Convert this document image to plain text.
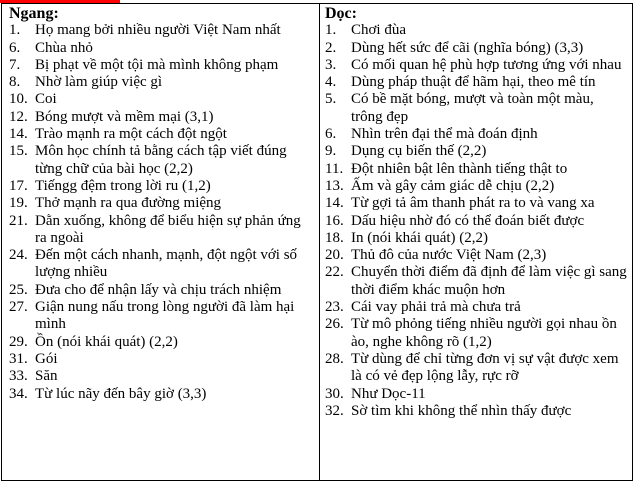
Ngang:
1. Họ mang bởi nhiều người Việt Nam nhất
6. Chùa nhỏ
7. Bị phạt về một tội mà mình không phạm
8. Nhờ làm giúp việc gì
10. Coi
12. Bóng mượt và mềm mại (3,1)
14. Trào mạnh ra một cách đột ngột
15. Môn học chính tả bằng cách tập viết đúng từng chữ của bài học (2,2)
17. Tiếngg đệm trong lời ru (1,2)
19. Thở mạnh ra qua đường miệng
21. Dằn xuống, không để biểu hiện sự phản ứng ra ngoài
24. Đến một cách nhanh, mạnh, đột ngột với số lượng nhiều
25. Đưa cho để nhận lấy và chịu trách nhiệm
27. Giận nung nấu trong lòng người đã làm hại mình
29. Ồn (nói khái quát) (2,2)
31. Gói
33. Săn
34. Từ lúc nãy đến bây giờ (3,3)
Dọc:
1. Chơi đùa
2. Dùng hết sức để cãi (nghĩa bóng) (3,3)
3. Có mối quan hệ phù hợp tương ứng với nhau
4. Dùng pháp thuật để hãm hại, theo mê tín
5. Có bề mặt bóng, mượt và toàn một màu, trông đẹp
6. Nhìn trên đại thể mà đoán định
9. Dụng cụ biến thế (2,2)
11. Đột nhiên bật lên thành tiếng thật to
13. Ấm và gây cảm giác dễ chịu (2,2)
14. Từ gợi tả âm thanh phát ra to và vang xa
16. Dấu hiệu nhờ đó có thể đoán biết được
18. In (nói khái quát) (2,2)
20. Thủ đô của nước Việt Nam (2,3)
22. Chuyển thời điểm đã định để làm việc gì sang thời điểm khác muộn hơn
23. Cái vay phải trả mà chưa trả
26. Từ mô phỏng tiếng nhiều người gọi nhau ồn ào, nghe không rõ (1,2)
28. Từ dùng để chỉ từng đơn vị sự vật được xem là có vẻ đẹp lộng lẫy, rực rỡ
30. Như Dọc-11
32. Sờ tìm khi không thể nhìn thấy được
